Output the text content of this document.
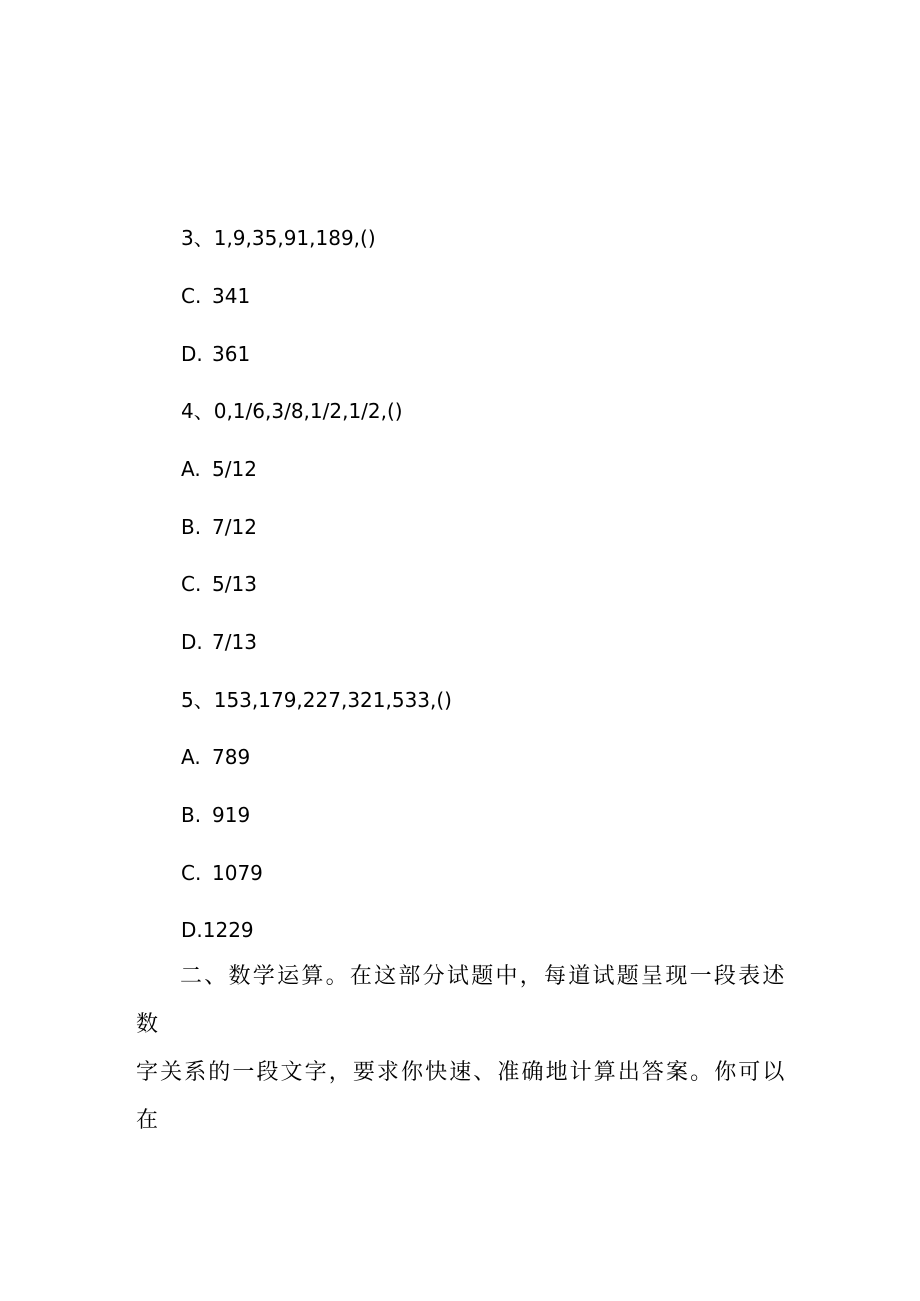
3、1,9,35,91,189,()
C. 341
D. 361
4、0,1/6,3/8,1/2,1/2,()
A. 5/12
B. 7/12
C. 5/13
D. 7/13
5、153,179,227,321,533,()
A. 789
B. 919
C. 1079
D.1229
二、数学运算。在这部分试题中，每道试题呈现一段表述数
字关系的一段文字，要求你快速、准确地计算出答案。你可以在
